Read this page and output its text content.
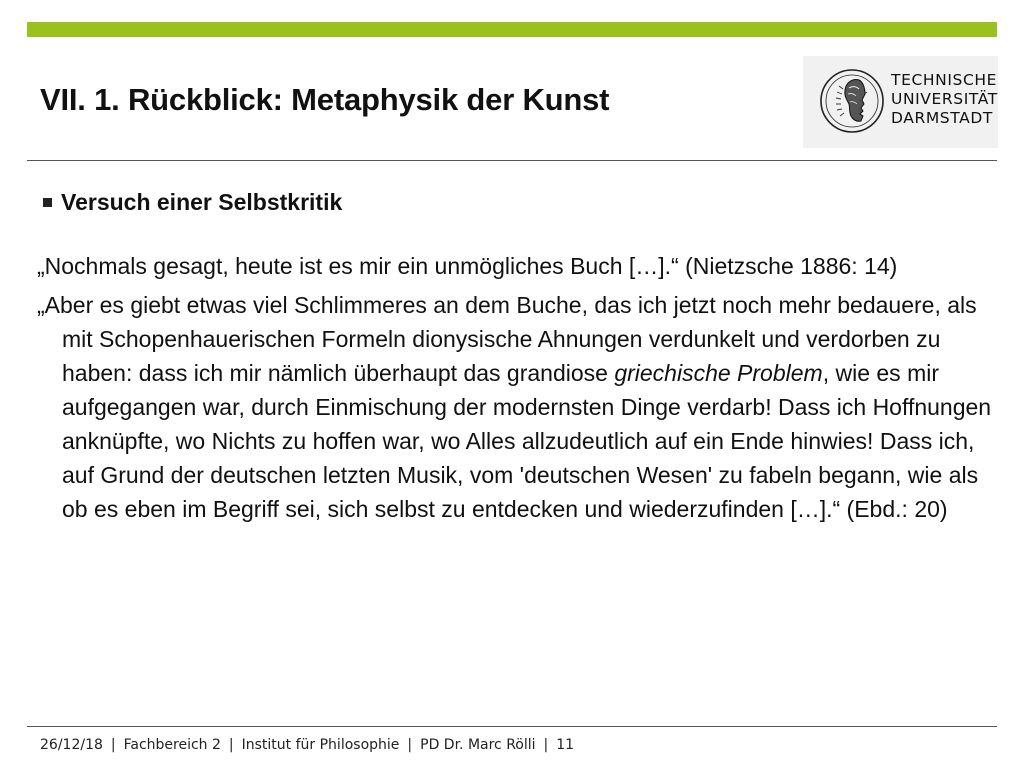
VII. 1. Rückblick: Metaphysik der Kunst
TECHNISCHE
UNIVERSITÄT
DARMSTADT
Versuch einer Selbstkritik

„Nochmals gesagt, heute ist es mir ein unmögliches Buch […].“ (Nietzsche 1886: 14)

„Aber es giebt etwas viel Schlimmeres an dem Buche, das ich jetzt noch mehr bedauere, als mit Schopenhauerischen Formeln dionysische Ahnungen verdunkelt und verdorben zu haben: dass ich mir nämlich überhaupt das grandiose griechische Problem, wie es mir aufgegangen war, durch Einmischung der modernsten Dinge verdarb! Dass ich Hoffnungen anknüpfte, wo Nichts zu hoffen war, wo Alles allzudeutlich auf ein Ende hinwies! Dass ich, auf Grund der deutschen letzten Musik, vom 'deutschen Wesen' zu fabeln begann, wie als ob es eben im Begriff sei, sich selbst zu entdecken und wiederzufinden […].“ (Ebd.: 20)

26/12/18 | Fachbereich 2 | Institut für Philosophie | PD Dr. Marc Rölli | 11
